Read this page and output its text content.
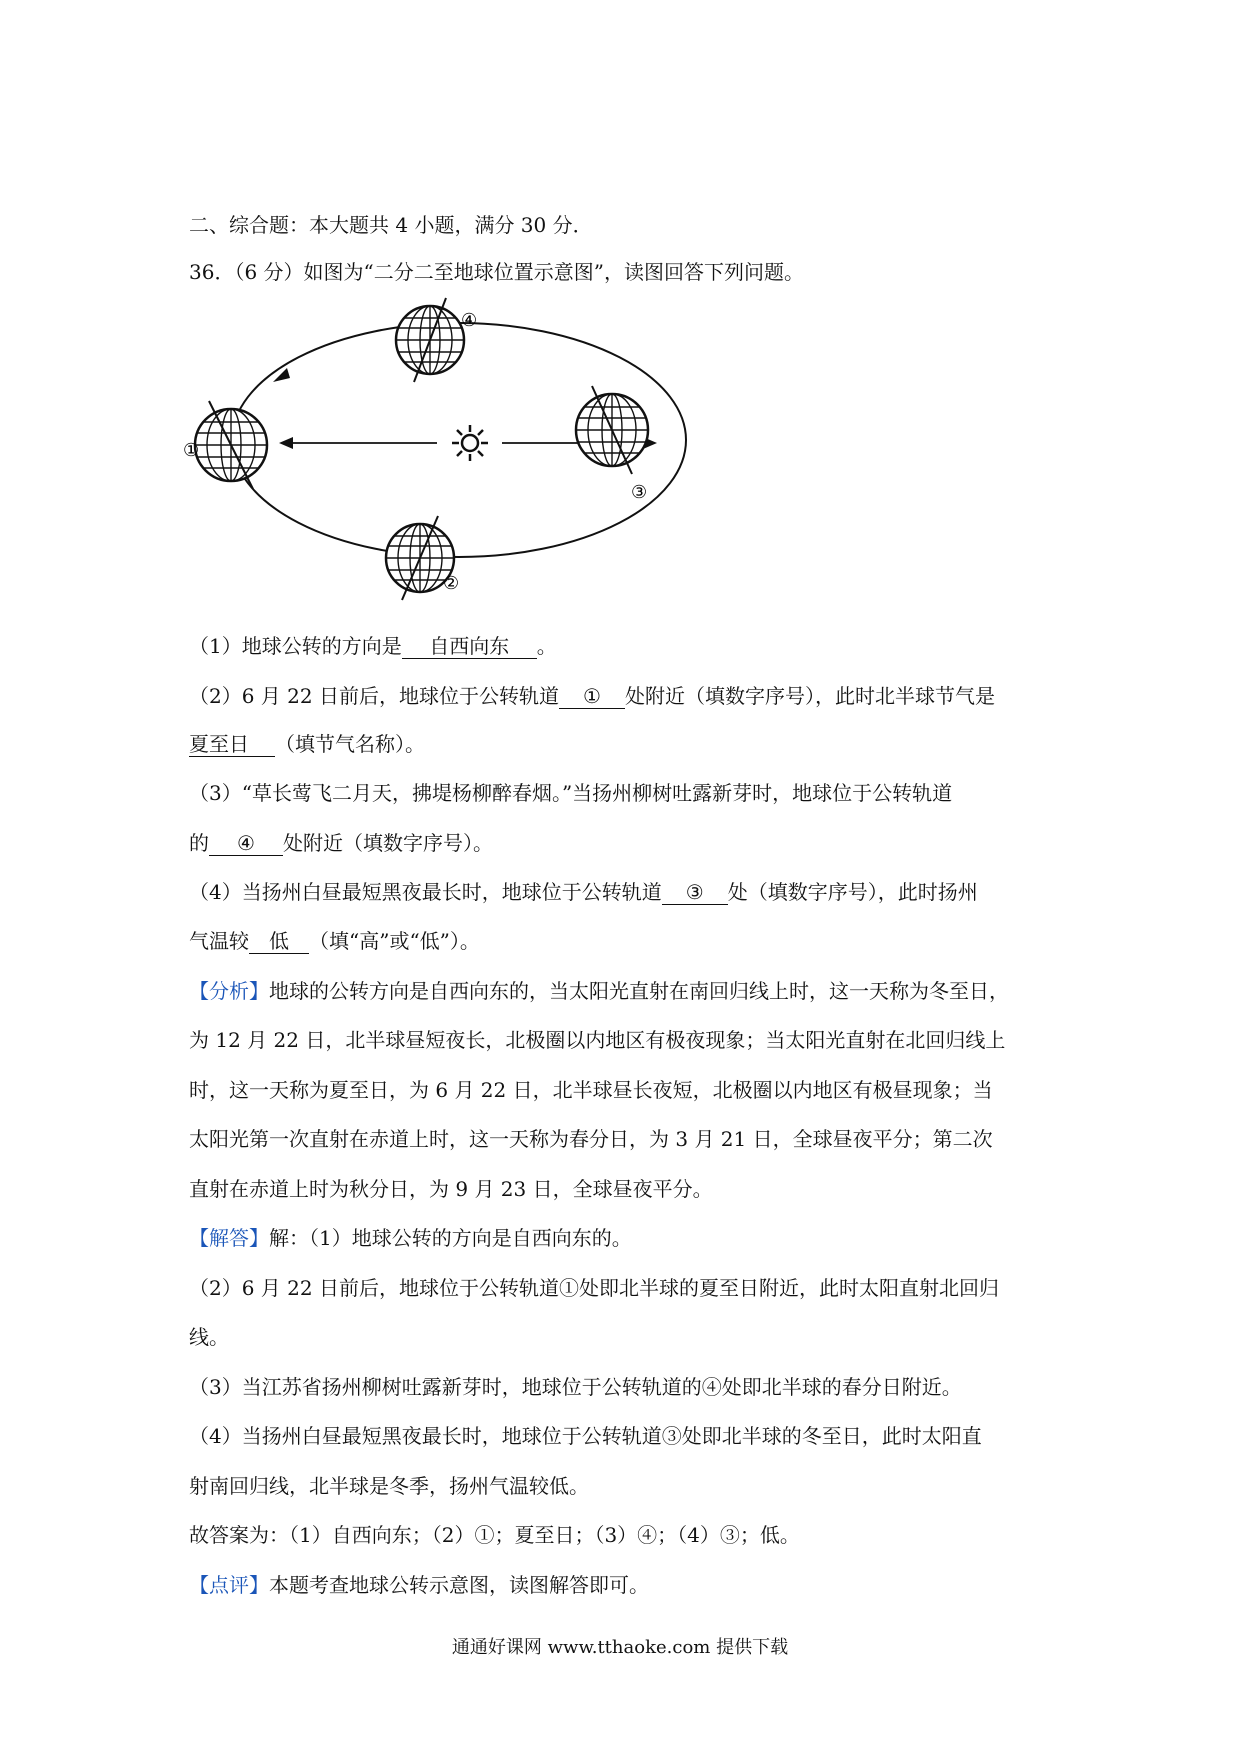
二、综合题：本大题共 4 小题，满分 30 分．
36．（6 分）如图为“二分二至地球位置示意图”，读图回答下列问题。
①
②
③
④
（1）地球公转的方向是 自西向东 。
（2）6 月 22 日前后，地球位于公转轨道 ① 处附近（填数字序号），此时北半球节气是
夏至日 （填节气名称）。
（3）“草长莺飞二月天，拂堤杨柳醉春烟。”当扬州柳树吐露新芽时，地球位于公转轨道
的 ④ 处附近（填数字序号）。
（4）当扬州白昼最短黑夜最长时，地球位于公转轨道 ③ 处（填数字序号），此时扬州
气温较 低 （填“高”或“低”）。
【分析】地球的公转方向是自西向东的，当太阳光直射在南回归线上时，这一天称为冬至日，
为 12 月 22 日，北半球昼短夜长，北极圈以内地区有极夜现象；当太阳光直射在北回归线上
时，这一天称为夏至日，为 6 月 22 日，北半球昼长夜短，北极圈以内地区有极昼现象；当
太阳光第一次直射在赤道上时，这一天称为春分日，为 3 月 21 日，全球昼夜平分；第二次
直射在赤道上时为秋分日，为 9 月 23 日，全球昼夜平分。
【解答】解：（1）地球公转的方向是自西向东的。
（2）6 月 22 日前后，地球位于公转轨道①处即北半球的夏至日附近，此时太阳直射北回归
线。
（3）当江苏省扬州柳树吐露新芽时，地球位于公转轨道的④处即北半球的春分日附近。
（4）当扬州白昼最短黑夜最长时，地球位于公转轨道③处即北半球的冬至日，此时太阳直
射南回归线，北半球是冬季，扬州气温较低。
故答案为：（1）自西向东；（2）①；夏至日；（3）④；（4）③；低。
【点评】本题考查地球公转示意图，读图解答即可。
通通好课网 www.tthaoke.com 提供下载
